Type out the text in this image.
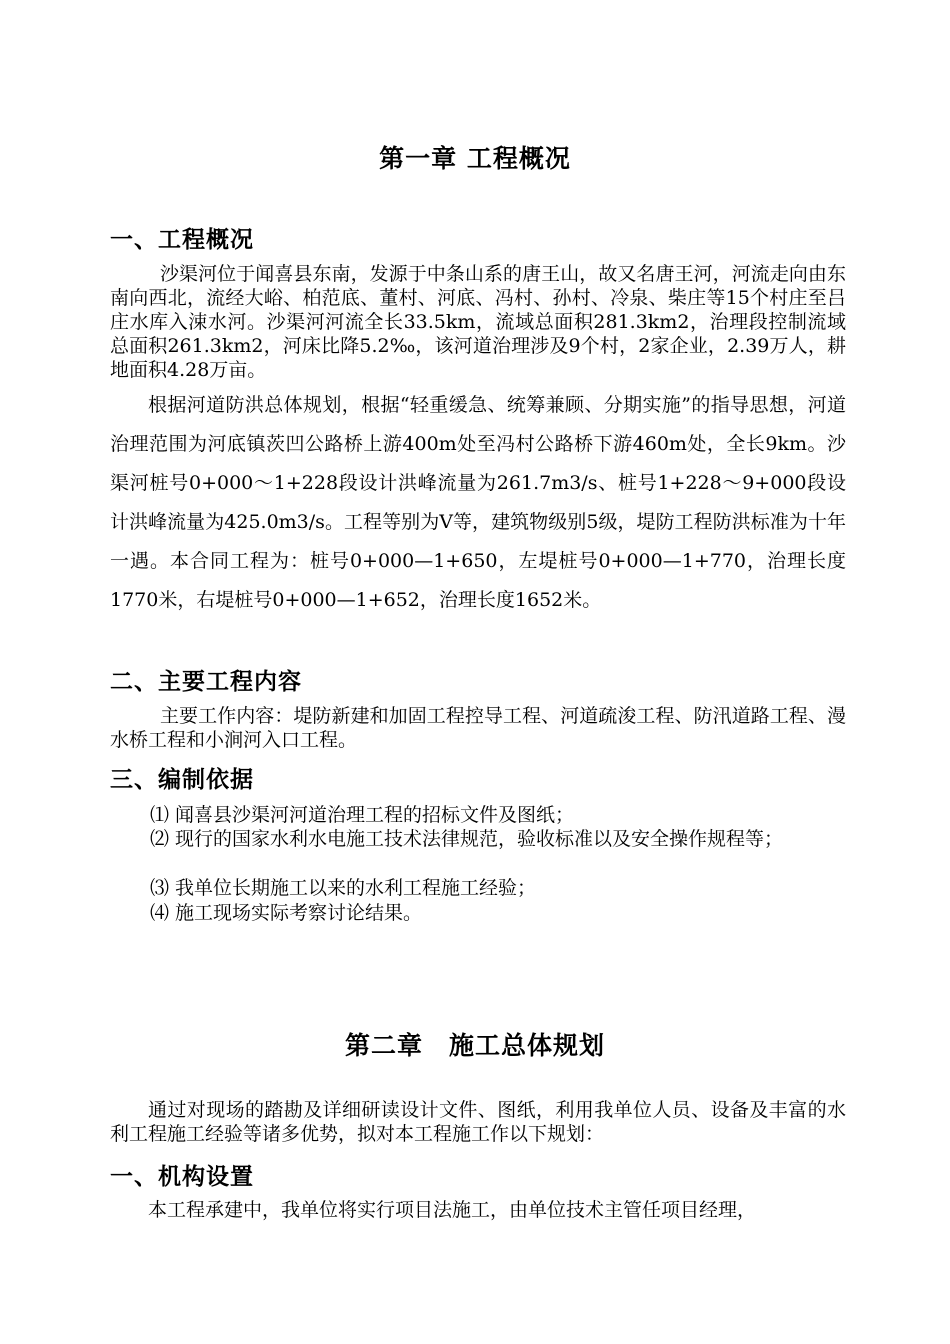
第一章 工程概况
一、工程概况

沙渠河位于闻喜县东南，发源于中条山系的唐王山，故又名唐王河，河流走向由东南向西北，流经大峪、柏范底、董村、河底、冯村、孙村、冷泉、柴庄等15个村庄至吕庄水库入涑水河。沙渠河河流全长33.5km，流域总面积281.3km2，治理段控制流域总面积261.3km2，河床比降5.2‰，该河道治理涉及9个村，2家企业，2.39万人，耕地面积4.28万亩。

根据河道防洪总体规划，根据“轻重缓急、统筹兼顾、分期实施”的指导思想，河道治理范围为河底镇茨凹公路桥上游400m处至冯村公路桥下游460m处，全长9km。沙渠河桩号0+000～1+228段设计洪峰流量为261.7m3/s、桩号1+228～9+000段设计洪峰流量为425.0m3/s。工程等别为Ⅴ等，建筑物级别5级，堤防工程防洪标准为十年一遇。本合同工程为：桩号0+000—1+650，左堤桩号0+000—1+770，治理长度1770米，右堤桩号0+000—1+652，治理长度1652米。

二、主要工程内容

主要工作内容：堤防新建和加固工程控导工程、河道疏浚工程、防汛道路工程、漫水桥工程和小涧河入口工程。

三、编制依据

⑴ 闻喜县沙渠河河道治理工程的招标文件及图纸；

⑵ 现行的国家水利水电施工技术法律规范，验收标准以及安全操作规程等；

⑶ 我单位长期施工以来的水利工程施工经验；

⑷ 施工现场实际考察讨论结果。

第二章　施工总体规划

通过对现场的踏勘及详细研读设计文件、图纸，利用我单位人员、设备及丰富的水利工程施工经验等诸多优势，拟对本工程施工作以下规划：

一、机构设置

本工程承建中，我单位将实行项目法施工，由单位技术主管任项目经理，
